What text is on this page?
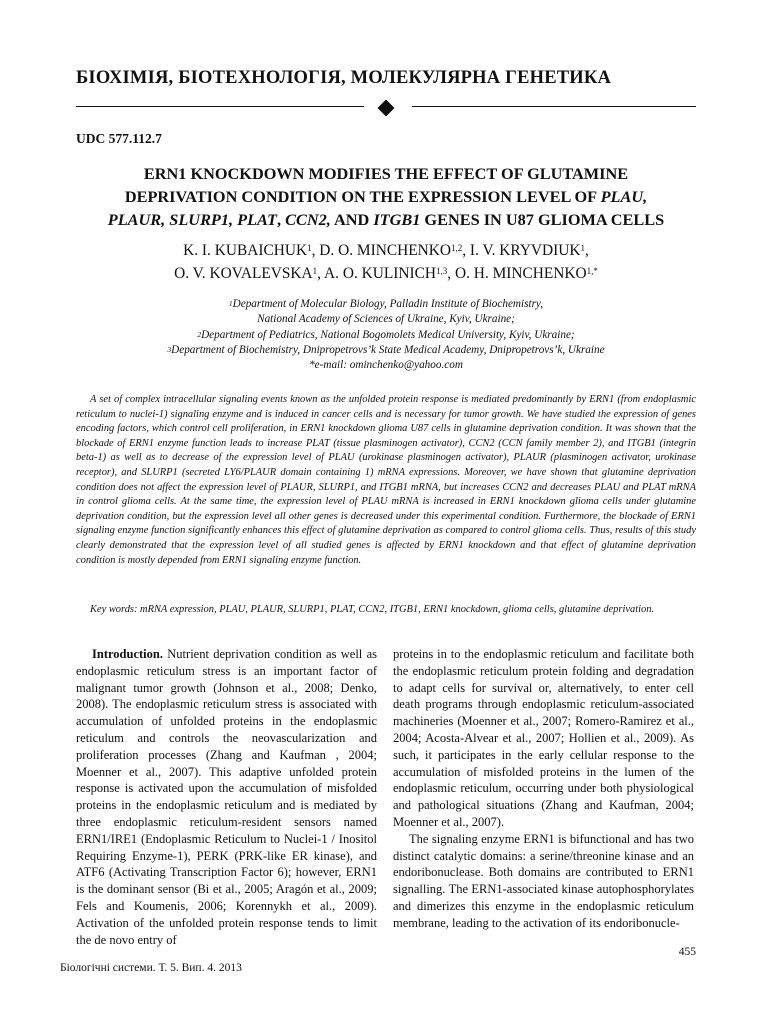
БІОХІМІЯ, БІОТЕХНОЛОГІЯ, МОЛЕКУЛЯРНА ГЕНЕТИКА
UDC 577.112.7
ERN1 KNOCKDOWN MODIFIES THE EFFECT OF GLUTAMINE
DEPRIVATION CONDITION ON THE EXPRESSION LEVEL OF PLAU,
PLAUR, SLURP1, PLAT, CCN2, AND ITGB1 GENES IN U87 GLIOMA CELLS
K. I. KUBAICHUK$^1$, D. O. MINCHENKO$^{1,2}$, I. V. KRYVDIUK$^1$,
O. V. KOVALEVSKA$^1$, A. O. KULINICH$^{1,3}$, O. H. $MINCHENKO^{1,*}$
$^1$Department of Molecular Biology, Palladin Institute of Biochemistry,
National Academy of Sciences of Ukraine, Kyiv, Ukraine;
$^2$Department of Pediatrics, National Bogomolets Medical University, Kyiv, Ukraine;
$^3$Department of Biochemistry, Dnipropetrovs’k State Medical Academy, Dnipropetrovs’k, Ukraine
*e-mail: ominchenko@yahoo.com
A set of complex intracellular signaling events known as the unfolded protein response is mediated predominantly by ERN1 (from endoplasmic reticulum to nuclei-1) signaling enzyme and is induced in cancer cells and is necessary for tumor growth. We have studied the expression of genes encoding factors, which control cell proliferation, in ERN1 knockdown glioma U87 cells in glutamine deprivation condition. It was shown that the blockade of ERN1 enzyme function leads to increase PLAT (tissue plasminogen activator), CCN2 (CCN family member 2), and ITGB1 (integrin beta-1) as well as to decrease of the expression level of PLAU (urokinase plasminogen activator), PLAUR (plasminogen activator, urokinase receptor), and SLURP1 (secreted LY6/PLAUR domain containing 1) mRNA expressions. Moreover, we have shown that glutamine deprivation condition does not affect the expression level of PLAUR, SLURP1, and ITGB1 mRNA, but increases CCN2 and decreases PLAU and PLAT mRNA in control glioma cells. At the same time, the expression level of PLAU mRNA is increased in ERN1 knockdown glioma cells under glutamine deprivation condition, but the expression level all other genes is decreased under this experimental condition. Furthermore, the blockade of ERN1 signaling enzyme function significantly enhances this effect of glutamine deprivation as compared to control glioma cells. Thus, results of this study clearly demonstrated that the expression level of all studied genes is affected by ERN1 knockdown and that effect of glutamine deprivation condition is mostly depended from ERN1 signaling enzyme function.
Key words: mRNA expression, PLAU, PLAUR, SLURP1, PLAT, CCN2, ITGB1, ERN1 knockdown, glioma cells, glutamine deprivation.

Introduction. Nutrient deprivation condition as well as endoplasmic reticulum stress is an important factor of malignant tumor growth (Johnson et al., 2008; Denko, 2008). The endoplasmic reticulum stress is associated with accumulation of unfolded proteins in the endoplasmic reticulum and controls the neovascularization and proliferation processes (Zhang and Kaufman , 2004; Moenner et al., 2007). This adaptive unfolded protein response is activated upon the accumulation of misfolded proteins in the endoplasmic reticulum and is mediated by three endoplasmic reticulum-resident sensors named ERN1/IRE1 (Endoplasmic Reticulum to Nuclei-1 / Inositol Requiring Enzyme-1), PERK (PRK-like ER kinase), and ATF6 (Activating Transcription Factor 6); however, ERN1 is the dominant sensor (Bi et al., 2005; Aragón et al., 2009; Fels and Koumenis, 2006; Korennykh et al., 2009). Activation of the unfolded protein response tends to limit the de novo entry of

proteins in to the endoplasmic reticulum and facilitate both the endoplasmic reticulum protein folding and degradation to adapt cells for survival or, alternatively, to enter cell death programs through endoplasmic reticulum-associated machineries (Moenner et al., 2007; Romero-Ramirez et al., 2004; Acosta-Alvear et al., 2007; Hollien et al., 2009). As such, it participates in the early cellular response to the accumulation of misfolded proteins in the lumen of the endoplasmic reticulum, occurring under both physiological and pathological situations (Zhang and Kaufman, 2004; Moenner et al., 2007).

The signaling enzyme ERN1 is bifunctional and has two distinct catalytic domains: a serine/threonine kinase and an endoribonuclease. Both domains are contributed to ERN1 signalling. The ERN1-associated kinase autophosphorylates and dimerizes this enzyme in the endoplasmic reticulum membrane, leading to the activation of its endoribonucle-

455
Біологічні системи. Т. 5. Вип. 4. 2013
